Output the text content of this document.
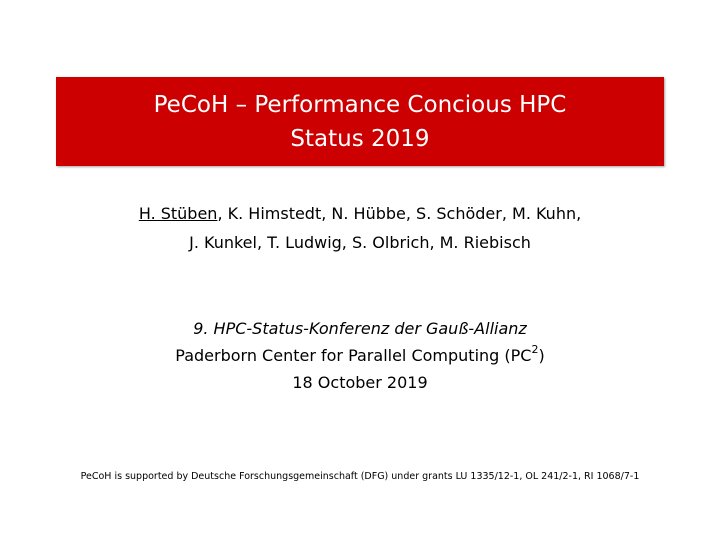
PeCoH – Performance Concious HPC
Status 2019
H. Stüben, K. Himstedt, N. Hübbe, S. Schöder, M. Kuhn,
J. Kunkel, T. Ludwig, S. Olbrich, M. Riebisch
9. HPC-Status-Konferenz der Gauß-Allianz
Paderborn Center for Parallel Computing $(PC^2)$
18 October 2019
PeCoH is supported by Deutsche Forschungsgemeinschaft (DFG) under grants LU 1335/12-1, OL 241/2-1, RI 1068/7-1
